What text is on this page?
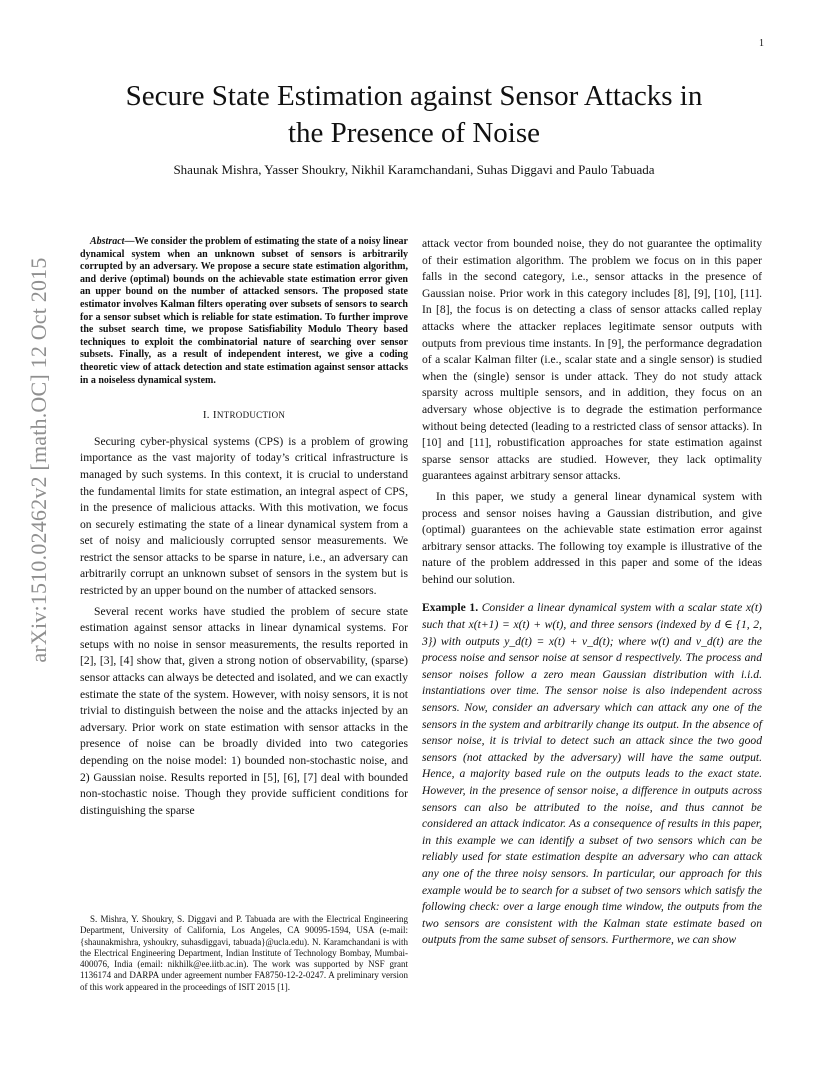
1
arXiv:1510.02462v2 [math.OC] 12 Oct 2015
Secure State Estimation against Sensor Attacks in
the Presence of Noise
Shaunak Mishra, Yasser Shoukry, Nikhil Karamchandani, Suhas Diggavi and Paulo Tabuada

Abstract—We consider the problem of estimating the state of a noisy linear dynamical system when an unknown subset of sensors is arbitrarily corrupted by an adversary. We propose a secure state estimation algorithm, and derive (optimal) bounds on the achievable state estimation error given an upper bound on the number of attacked sensors. The proposed state estimator involves Kalman filters operating over subsets of sensors to search for a sensor subset which is reliable for state estimation. To further improve the subset search time, we propose Satisfiability Modulo Theory based techniques to exploit the combinatorial nature of searching over sensor subsets. Finally, as a result of independent interest, we give a coding theoretic view of attack detection and state estimation against sensor attacks in a noiseless dynamical system.

I. INTRODUCTION

Securing cyber-physical systems (CPS) is a problem of growing importance as the vast majority of today’s critical infrastructure is managed by such systems. In this context, it is crucial to understand the fundamental limits for state estimation, an integral aspect of CPS, in the presence of malicious attacks. With this motivation, we focus on securely estimating the state of a linear dynamical system from a set of noisy and maliciously corrupted sensor measurements. We restrict the sensor attacks to be sparse in nature, i.e., an adversary can arbitrarily corrupt an unknown subset of sensors in the system but is restricted by an upper bound on the number of attacked sensors.

Several recent works have studied the problem of secure state estimation against sensor attacks in linear dynamical systems. For setups with no noise in sensor measurements, the results reported in [2], [3], [4] show that, given a strong notion of observability, (sparse) sensor attacks can always be detected and isolated, and we can exactly estimate the state of the system. However, with noisy sensors, it is not trivial to distinguish between the noise and the attacks injected by an adversary. Prior work on state estimation with sensor attacks in the presence of noise can be broadly divided into two categories depending on the noise model: 1) bounded non-stochastic noise, and 2) Gaussian noise. Results reported in [5], [6], [7] deal with bounded non-stochastic noise. Though they provide sufficient conditions for distinguishing the sparse

attack vector from bounded noise, they do not guarantee the optimality of their estimation algorithm. The problem we focus on in this paper falls in the second category, i.e., sensor attacks in the presence of Gaussian noise. Prior work in this category includes [8], [9], [10], [11]. In [8], the focus is on detecting a class of sensor attacks called replay attacks where the attacker replaces legitimate sensor outputs with outputs from previous time instants. In [9], the performance degradation of a scalar Kalman filter (i.e., scalar state and a single sensor) is studied when the (single) sensor is under attack. They do not study attack sparsity across multiple sensors, and in addition, they focus on an adversary whose objective is to degrade the estimation performance without being detected (leading to a restricted class of sensor attacks). In [10] and [11], robustification approaches for state estimation against sparse sensor attacks are studied. However, they lack optimality guarantees against arbitrary sensor attacks.

In this paper, we study a general linear dynamical system with process and sensor noises having a Gaussian distribution, and give (optimal) guarantees on the achievable state estimation error against arbitrary sensor attacks. The following toy example is illustrative of the nature of the problem addressed in this paper and some of the ideas behind our solution.

Example 1. Consider a linear dynamical system with a scalar state x(t) such that x(t+1) = x(t) + w(t), and three sensors (indexed by d ∈ {1, 2, 3}) with outputs y_d(t) = x(t) + v_d(t); where w(t) and v_d(t) are the process noise and sensor noise at sensor d respectively. The process and sensor noises follow a zero mean Gaussian distribution with i.i.d. instantiations over time. The sensor noise is also independent across sensors. Now, consider an adversary which can attack any one of the sensors in the system and arbitrarily change its output. In the absence of sensor noise, it is trivial to detect such an attack since the two good sensors (not attacked by the adversary) will have the same output. Hence, a majority based rule on the outputs leads to the exact state. However, in the presence of sensor noise, a difference in outputs across sensors can also be attributed to the noise, and thus cannot be considered an attack indicator. As a consequence of results in this paper, in this example we can identify a subset of two sensors which can be reliably used for state estimation despite an adversary who can attack any one of the three noisy sensors. In particular, our approach for this example would be to search for a subset of two sensors which satisfy the following check: over a large enough time window, the outputs from the two sensors are consistent with the Kalman state estimate based on outputs from the same subset of sensors. Furthermore, we can show

S. Mishra, Y. Shoukry, S. Diggavi and P. Tabuada are with the Electrical Engineering Department, University of California, Los Angeles, CA 90095-1594, USA (e-mail: {shaunakmishra, yshoukry, suhasdiggavi, tabuada}@ucla.edu). N. Karamchandani is with the Electrical Engineering Department, Indian Institute of Technology Bombay, Mumbai-400076, India (email: nikhilk@ee.iitb.ac.in). The work was supported by NSF grant 1136174 and DARPA under agreement number FA8750-12-2-0247. A preliminary version of this work appeared in the proceedings of ISIT 2015 [1].
